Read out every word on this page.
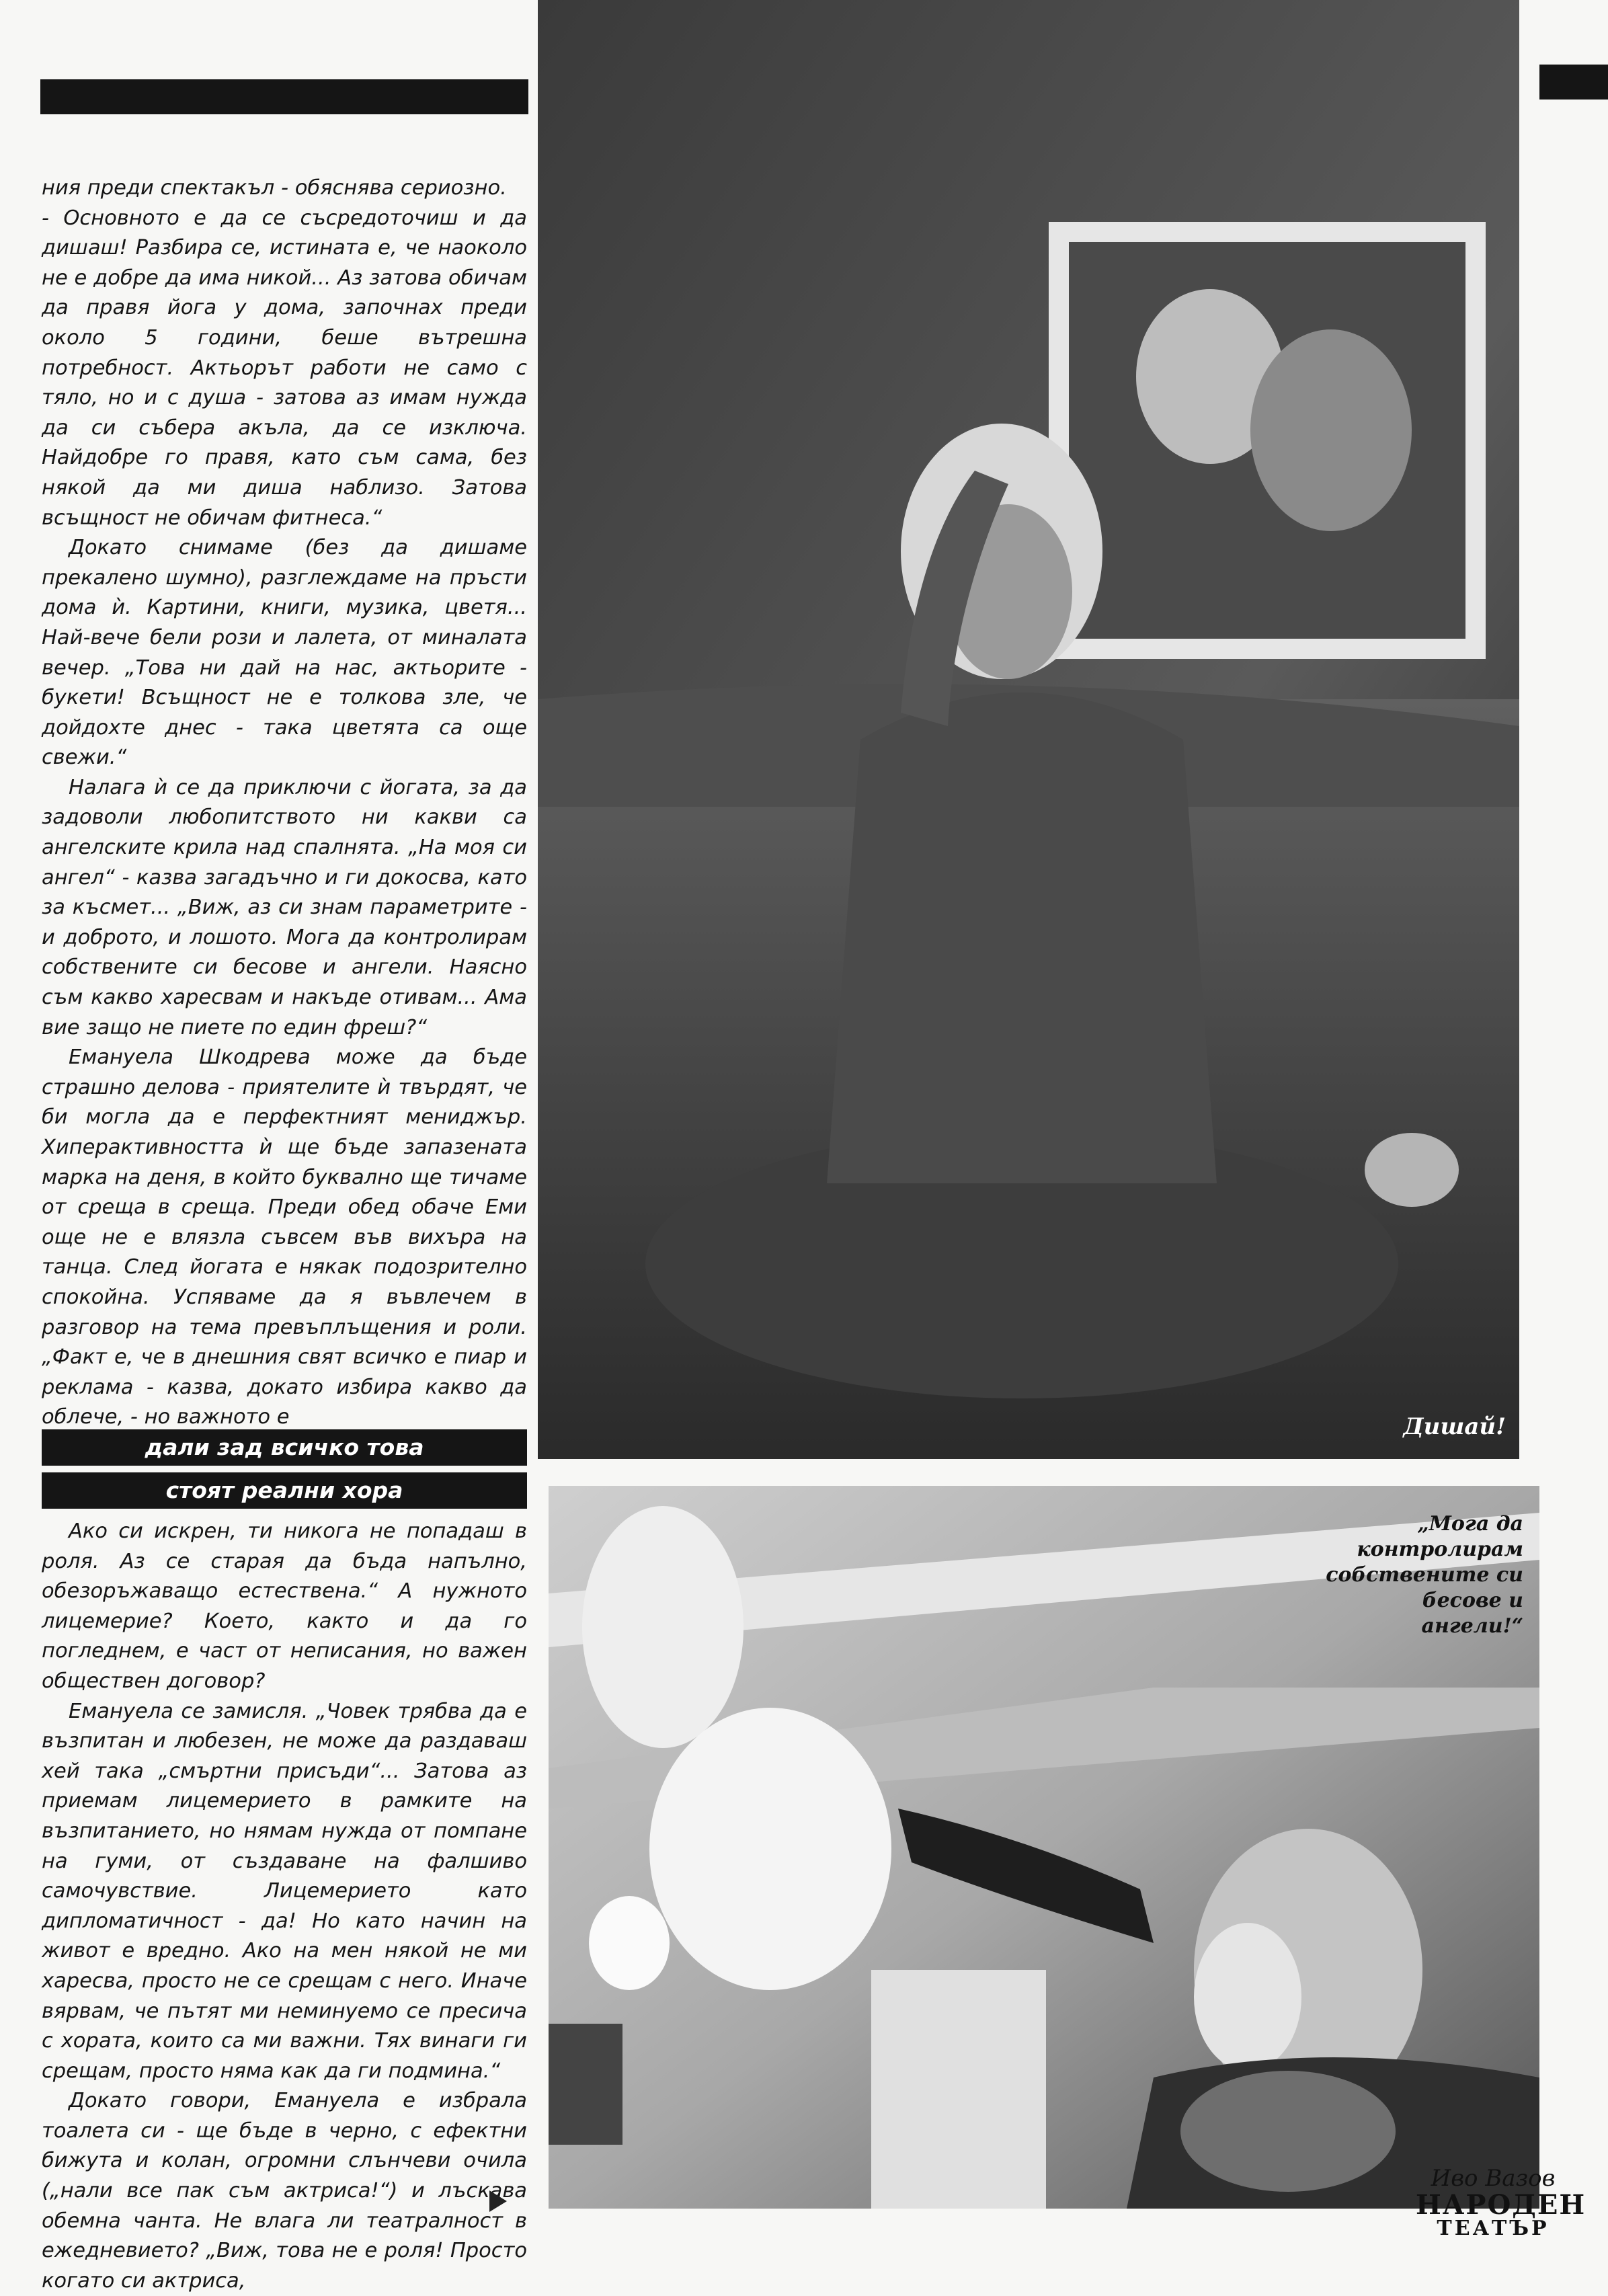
ния преди спектакъл - обяснява сериозно.

- Основното е да се съсредоточиш и да дишаш! Разбира се, истината е, че наоколо не е добре да има никой... Аз затова обичам да правя йога у дома, започнах преди около 5 години, беше вътрешна потребност. Актьорът работи не само с тяло, но и с душа - затова аз имам нужда да си събера акъла, да се изключа. Найдобре го правя, като съм сама, без някой да ми диша наблизо. Затова всъщност не обичам фитнеса.“

Докато снимаме (без да дишаме прекалено шумно), разглеждаме на пръсти дома ѝ. Картини, книги, музика, цветя... Най-вече бели рози и лалета, от миналата вечер. „Това ни дай на нас, актьорите - букети! Всъщност не е толкова зле, че дойдохте днес - така цветята са още свежи.“

Налага ѝ се да приключи с йогата, за да задоволи любопитството ни какви са ангелските крила над спалнята. „На моя си ангел“ - казва загадъчно и ги докосва, като за късмет... „Виж, аз си знам параметрите - и доброто, и лошото. Мога да контролирам собствените си бесове и ангели. Наясно съм какво харесвам и накъде отивам... Ама вие защо не пиете по един фреш?“

Емануела Шкодрева може да бъде страшно делова - приятелите ѝ твърдят, че би могла да е перфектният мениджър. Хиперактивността ѝ ще бъде запазената марка на деня, в който буквално ще тичаме от среща в среща. Преди обед обаче Еми още не е влязла съвсем във вихъра на танца. След йогата е някак подозрително спокойна. Успяваме да я въвлечем в разговор на тема превъплъщения и роли. „Факт е, че в днешния свят всичко е пиар и реклама - казва, докато избира какво да облече, - но важното е

дали зад всичко това
стоят реални хора

Ако си искрен, ти никога не попадаш в роля. Аз се старая да бъда напълно, обезоръжаващо естествена.“ А нужното лицемерие? Което, както и да го погледнем, е част от неписания, но важен обществен договор?

Емануела се замисля. „Човек трябва да е възпитан и любезен, не може да раздаваш хей така „смъртни присъди“... Затова аз приемам лицемерието в рамките на възпитанието, но нямам нужда от помпане на гуми, от създаване на фалшиво самочувствие. Лицемерието като дипломатичност - да! Но като начин на живот е вредно. Ако на мен някой не ми харесва, просто не се срещам с него. Иначе вярвам, че пътят ми неминуемо се пресича с хората, които са ми важни. Тях винаги ги срещам, просто няма как да ги подмина.“

Докато говори, Емануела е избрала тоалета си - ще бъде в черно, с ефектни бижута и колан, огромни слънчеви очила („нали все пак съм актриса!“) и лъскава обемна чанта. Не влага ли театралност в ежедневието? „Виж, това не е роля! Просто когато си актриса,

Дишай!
„Мога да контролирам собствените си бесове и ангели!“
Иво Вазов
НАРОДЕН
ТЕАТЪР
